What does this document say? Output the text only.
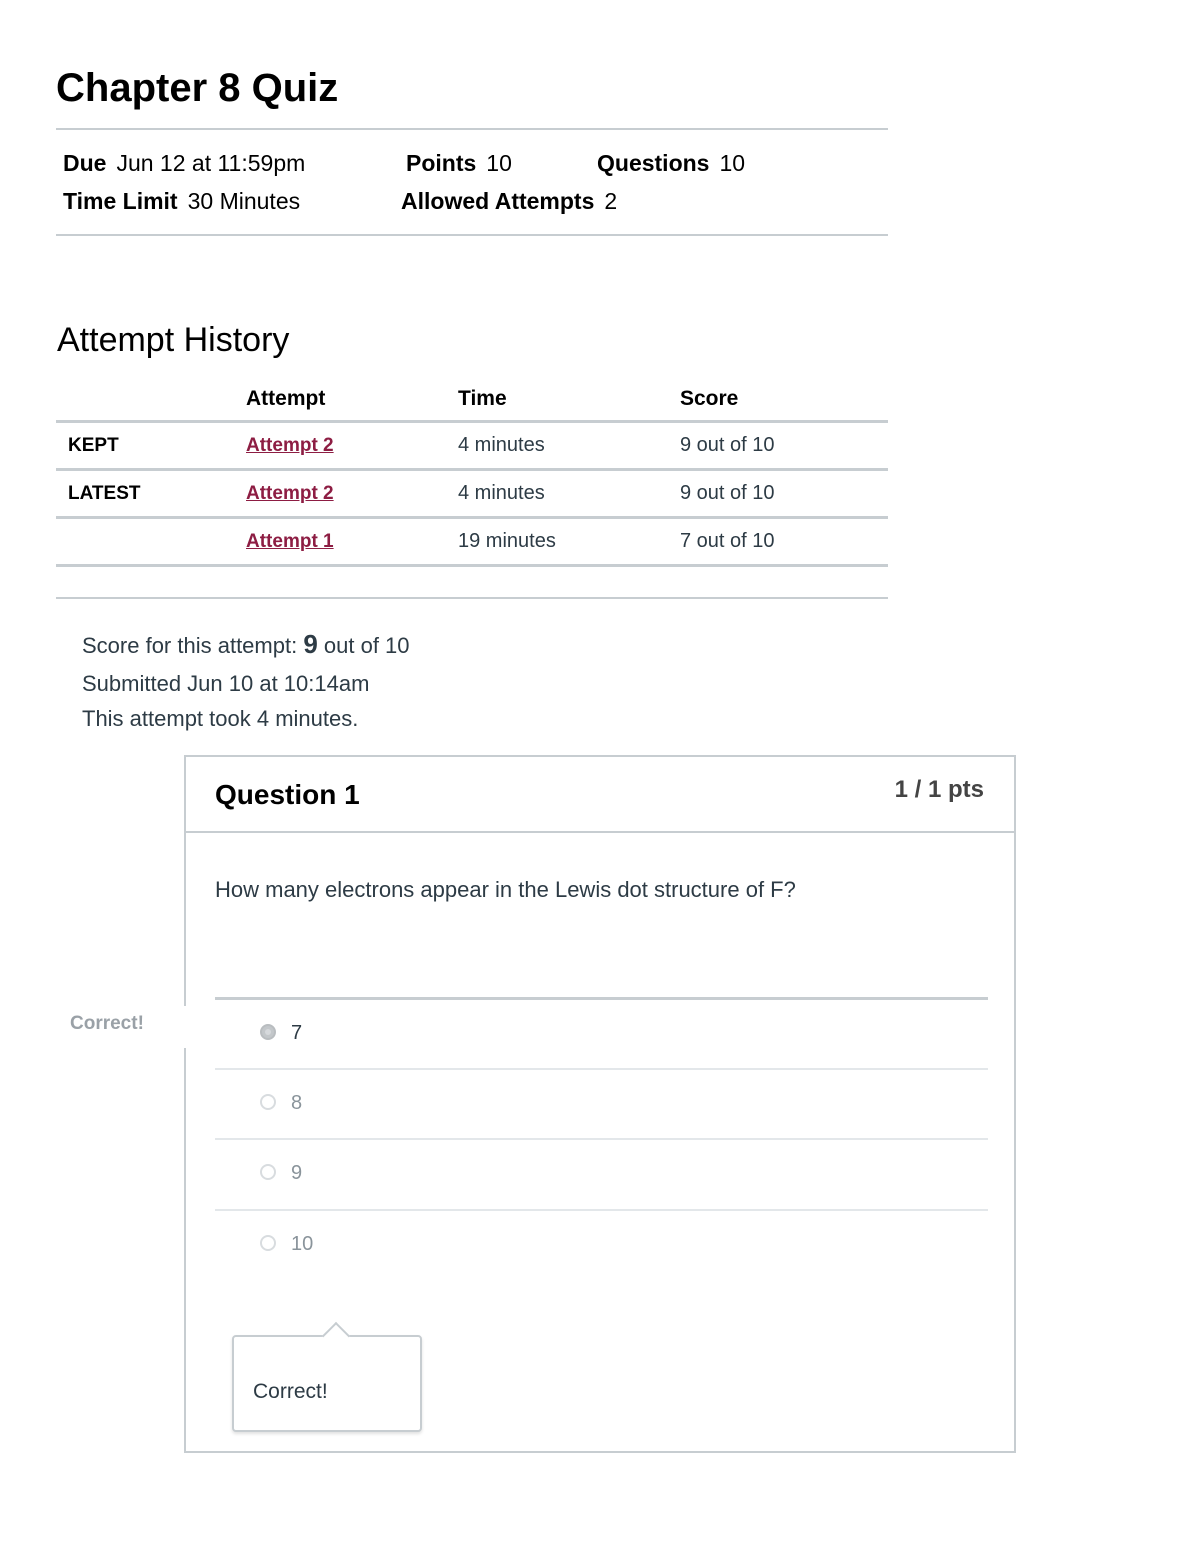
Chapter 8 Quiz
Due Jun 12 at 11:59pm	Points 10	Questions 10
Time Limit 30 Minutes	Allowed Attempts 2
Attempt History
	Attempt	Time	Score
KEPT	Attempt 2	4 minutes	9 out of 10
LATEST	Attempt 2	4 minutes	9 out of 10
	Attempt 1	19 minutes	7 out of 10
Score for this attempt: 9 out of 10
Submitted Jun 10 at 10:14am
This attempt took 4 minutes.
Correct!
Question 1	1 / 1 pts
How many electrons appear in the Lewis dot structure of F?
7
8
9
10
Correct!
